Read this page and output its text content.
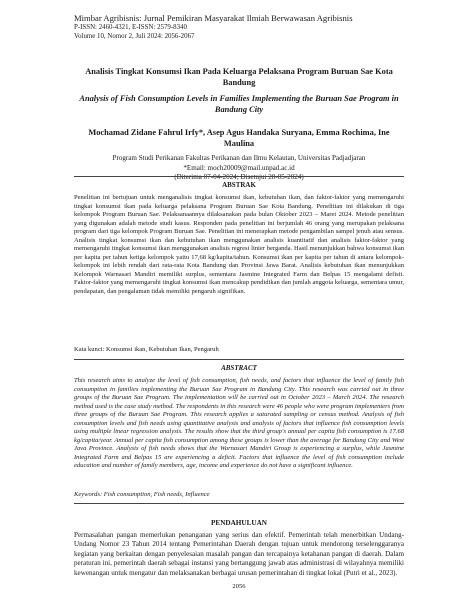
Mimbar Agribisnis: Jurnal Pemikiran Masyarakat Ilmiah Berwawasan Agribisnis
P-ISSN: 2460-4321, E-ISSN: 2579-8340
Volume 10, Nomor 2, Juli 2024: 2056-2067
Analisis Tingkat Konsumsi Ikan Pada Keluarga Pelaksana Program Buruan Sae Kota Bandung
Analysis of Fish Consumption Levels in Families Implementing the Buruan Sae Program in Bandung City
Mochamad Zidane Fahrul Irfy*, Asep Agus Handaka Suryana, Emma Rochima, Ine Maulina
Program Studi Perikanan Fakultas Perikanan dan Ilmu Kelautan, Universitas Padjadjaran
*Email: moch20009@mail.unpad.ac.id
(Diterima 07-04-2024; Disetujui 28-05-2024)
ABSTRAK
Penelitian ini bertujuan untuk menganalisis tingkat konsumsi ikan, kebutuhan ikan, dan faktor-faktor yang memengaruhi tingkat konsumsi ikan pada keluarga pelaksana Program Buruan Sae Kota Bandung. Penelitian ini dilakukan di tiga kelompok Program Buruan Sae. Pelaksanaannya dilaksanakan pada bulan Oktober 2023 – Maret 2024. Metode penelitian yang digunakan adalah metode studi kasus. Responden pada penelitian ini berjumlah 46 orang yang merupakan pelaksana program dari tiga kelompok Program Buruan Sae. Penelitian ini menerapkan metode pengambilan sampel jenuh atau sensus. Analisis tingkat konsumsi ikan dan kebutuhan ikan menggunakan analisis kuantitatif dan analisis faktor-faktor yang memengaruhi tingkat konsumsi ikan menggunakan analisis regresi linier berganda. Hasil menunjukkan bahwa konsumsi ikan per kapita per tahun ketiga kelompok yaitu 17,68 kg/kapita/tahun. Konsumsi ikan per kapita per tahun di antara kelompok-kelompok ini lebih rendah dari rata-rata Kota Bandung dan Provinsi Jawa Barat. Analisis kebutuhan ikan menunjukkan Kelompok Warnasari Mandiri memiliki surplus, sementara Jasmine Integrated Farm dan Belpas 15 mengalami defisit. Faktor-faktor yang memengaruhi tingkat konsumsi ikan mencakup pendidikan dan jumlah anggota keluarga, sementara umur, pendapatan, dan pengalaman tidak memiliki pengaruh signifikan.
Kata kunci: Konsumsi ikan, Kebutuhan Ikan, Pengaruh
ABSTRACT
This research aims to analyze the level of fish consumption, fish needs, and factors that influence the level of family fish consumption in families implementing the Buruan Sae Program in Bandung City. This research was carried out in three groups of the Buruan Sae Program. The implementation will be carried out in October 2023 – March 2024. The research method used is the case study method. The respondents in this research were 46 people who were program implementers from three groups of the Buruan Sae Program. This research applies a saturated sampling or census method. Analysis of fish consumption levels and fish needs using quantitative analysis and analysis of factors that influence fish consumption levels using multiple linear regression analysis. The results show that the third group's annual per capita fish consumption is 17.68 kg/capita/year. Annual per capita fish consumption among these groups is lower than the average for Bandung City and West Java Province. Analysis of fish needs shows that the Warnasari Mandiri Group is experiencing a surplus, while Jasmine Integrated Farm and Belpas 15 are experiencing a deficit. Factors that influence the level of fish consumption include education and number of family members, age, income and experience do not have a significant influence.
Keywords: Fish consumption, Fish needs, Influence
PENDAHULUAN
Permasalahan pangan memerlukan penanganan yang serius dan efektif. Pemerintah telah menerbitkan Undang-Undang Nomor 23 Tahun 2014 tentang Pemerintahan Daerah dengan tujuan untuk mendorong terselenggaranya kegiatan yang berkaitan dengan penyelesaian masalah pangan dan tercapainya ketahanan pangan di daerah. Dalam peraturan ini, pemerintah daerah sebagai instansi yang bertanggung jawab atas administrasi di wilayahnya memiliki kewenangan untuk mengatur dan melaksanakan berbagai urusan pemerintahan di tingkat lokal (Putri et al., 2023).
2056
